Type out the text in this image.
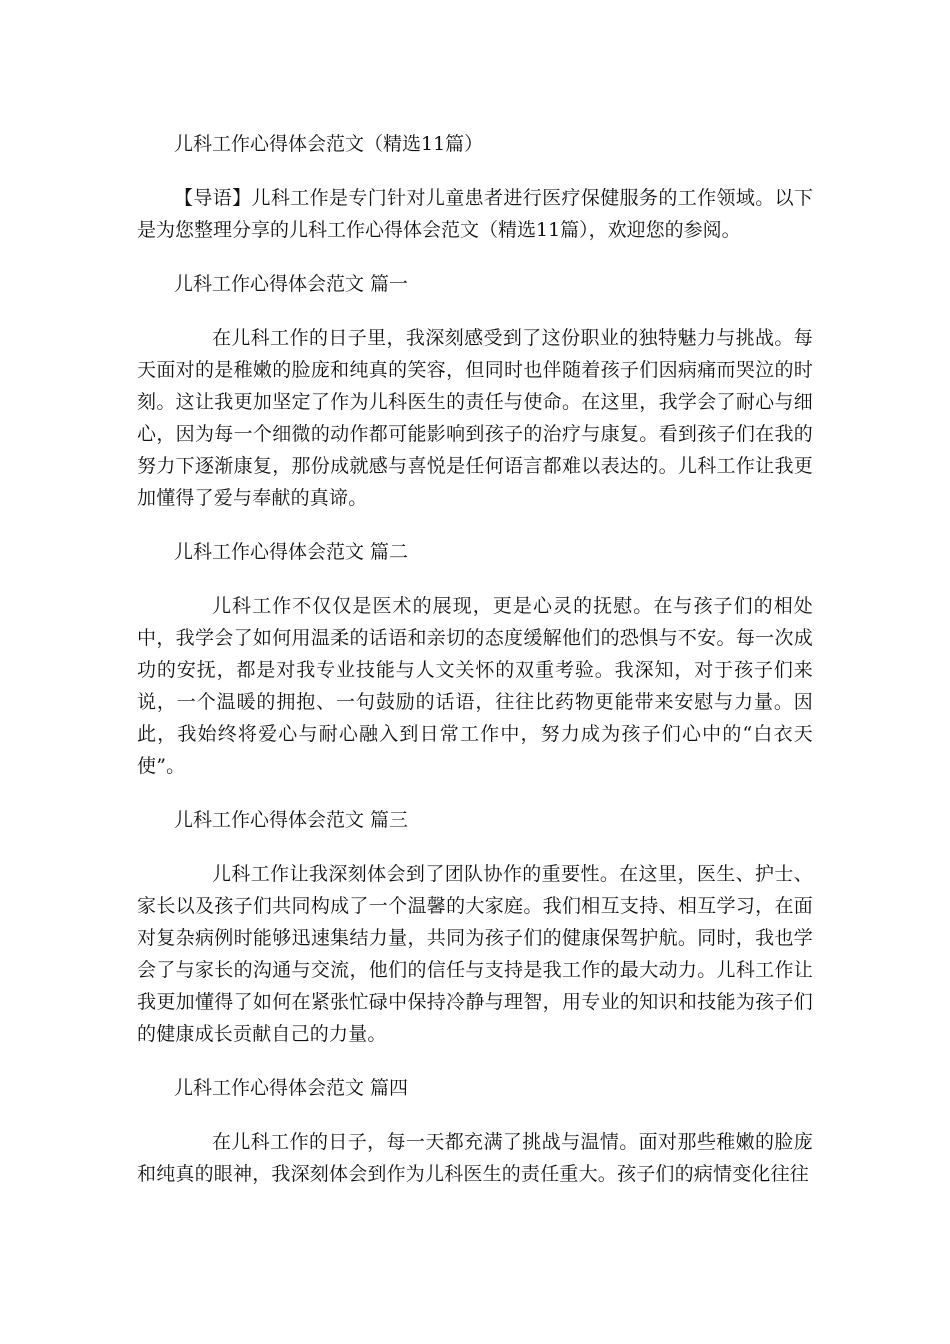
儿科工作心得体会范文（精选11篇）

【导语】儿科工作是专门针对儿童患者进行医疗保健服务的工作领域。以下是为您整理分享的儿科工作心得体会范文（精选11篇），欢迎您的参阅。

儿科工作心得体会范文 篇一

在儿科工作的日子里，我深刻感受到了这份职业的独特魅力与挑战。每天面对的是稚嫩的脸庞和纯真的笑容，但同时也伴随着孩子们因病痛而哭泣的时刻。这让我更加坚定了作为儿科医生的责任与使命。在这里，我学会了耐心与细心，因为每一个细微的动作都可能影响到孩子的治疗与康复。看到孩子们在我的努力下逐渐康复，那份成就感与喜悦是任何语言都难以表达的。儿科工作让我更加懂得了爱与奉献的真谛。

儿科工作心得体会范文 篇二

儿科工作不仅仅是医术的展现，更是心灵的抚慰。在与孩子们的相处中，我学会了如何用温柔的话语和亲切的态度缓解他们的恐惧与不安。每一次成功的安抚，都是对我专业技能与人文关怀的双重考验。我深知，对于孩子们来说，一个温暖的拥抱、一句鼓励的话语，往往比药物更能带来安慰与力量。因此，我始终将爱心与耐心融入到日常工作中，努力成为孩子们心中的“白衣天使”。

儿科工作心得体会范文 篇三

儿科工作让我深刻体会到了团队协作的重要性。在这里，医生、护士、家长以及孩子们共同构成了一个温馨的大家庭。我们相互支持、相互学习，在面对复杂病例时能够迅速集结力量，共同为孩子们的健康保驾护航。同时，我也学会了与家长的沟通与交流，他们的信任与支持是我工作的最大动力。儿科工作让我更加懂得了如何在紧张忙碌中保持冷静与理智，用专业的知识和技能为孩子们的健康成长贡献自己的力量。

儿科工作心得体会范文 篇四

在儿科工作的日子，每一天都充满了挑战与温情。面对那些稚嫩的脸庞和纯真的眼神，我深刻体会到作为儿科医生的责任重大。孩子们的病情变化往往
